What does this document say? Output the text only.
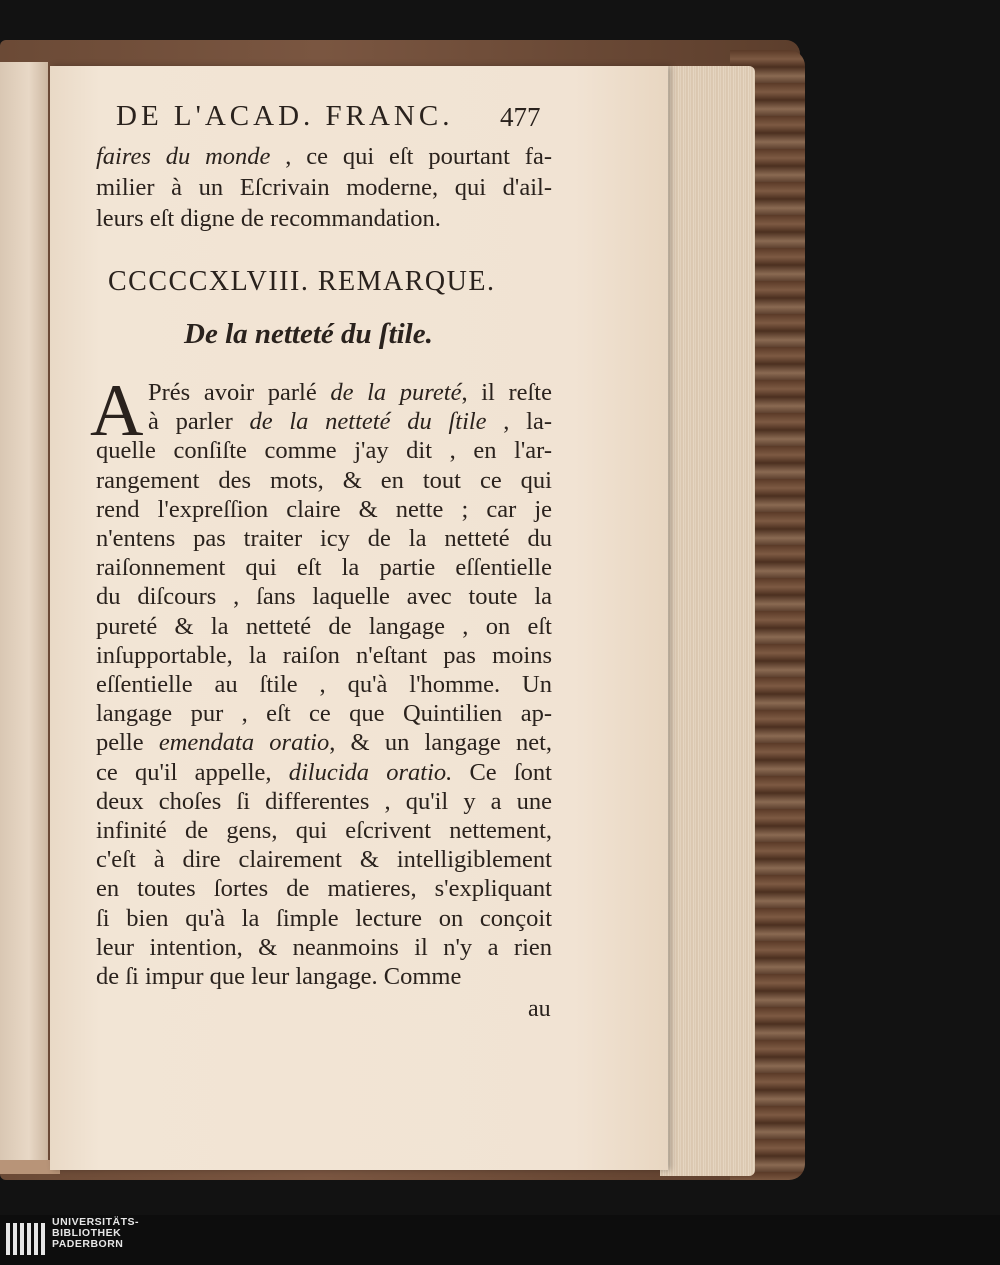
DE L'ACAD. FRANC.	477
faires du monde , ce qui eſt pourtant fa-
milier à un Eſcrivain moderne, qui d'ail-
leurs eſt digne de recommandation.
CCCCCXLVIII. REMARQUE.
De la netteté du ſtile.
A Prés avoir parlé de la pureté, il reſte
à parler de la netteté du ſtile , la-
quelle conſiſte comme j'ay dit , en l'ar-
rangement des mots, & en tout ce qui
rend l'expreſſion claire & nette ; car je
n'entens pas traiter icy de la netteté du
raiſonnement qui eſt la partie eſſentielle
du diſcours , ſans laquelle avec toute la
pureté & la netteté de langage , on eſt
inſupportable, la raiſon n'eſtant pas moins
eſſentielle au ſtile , qu'à l'homme. Un
langage pur , eſt ce que Quintilien ap-
pelle emendata oratio, & un langage net,
ce qu'il appelle, dilucida oratio. Ce ſont
deux choſes ſi differentes , qu'il y a une
infinité de gens, qui eſcrivent nettement,
c'eſt à dire clairement & intelligiblement
en toutes ſortes de matieres, s'expliquant
ſi bien qu'à la ſimple lecture on conçoit
leur intention, & neanmoins il n'y a rien
de ſi impur que leur langage. Comme
au
UNIVERSITÄTS-
BIBLIOTHEK
PADERBORN
